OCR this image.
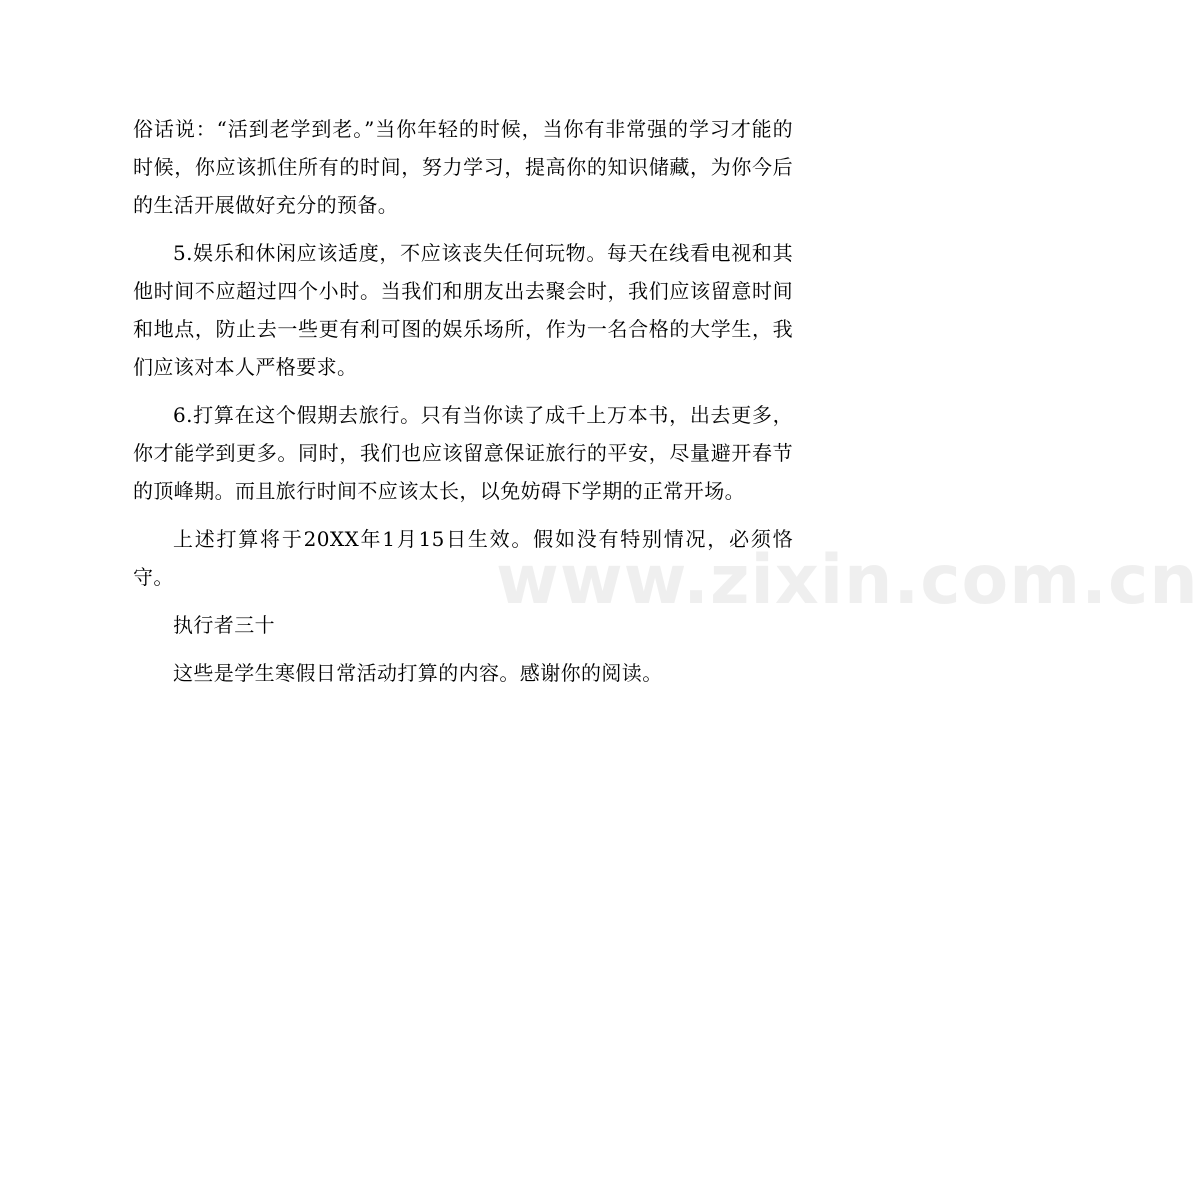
俗话说：“活到老学到老。”当你年轻的时候，当你有非常强的学习才能的时候，你应该抓住所有的时间，努力学习，提高你的知识储藏，为你今后的生活开展做好充分的预备。

5.娱乐和休闲应该适度，不应该丧失任何玩物。每天在线看电视和其他时间不应超过四个小时。当我们和朋友出去聚会时，我们应该留意时间和地点，防止去一些更有利可图的娱乐场所，作为一名合格的大学生，我们应该对本人严格要求。

6.打算在这个假期去旅行。只有当你读了成千上万本书，出去更多，你才能学到更多。同时，我们也应该留意保证旅行的平安，尽量避开春节的顶峰期。而且旅行时间不应该太长，以免妨碍下学期的正常开场。

上述打算将于20XX年1月15日生效。假如没有特别情况，必须恪守。

执行者三十

这些是学生寒假日常活动打算的内容。感谢你的阅读。

www.zixin.com.cn
